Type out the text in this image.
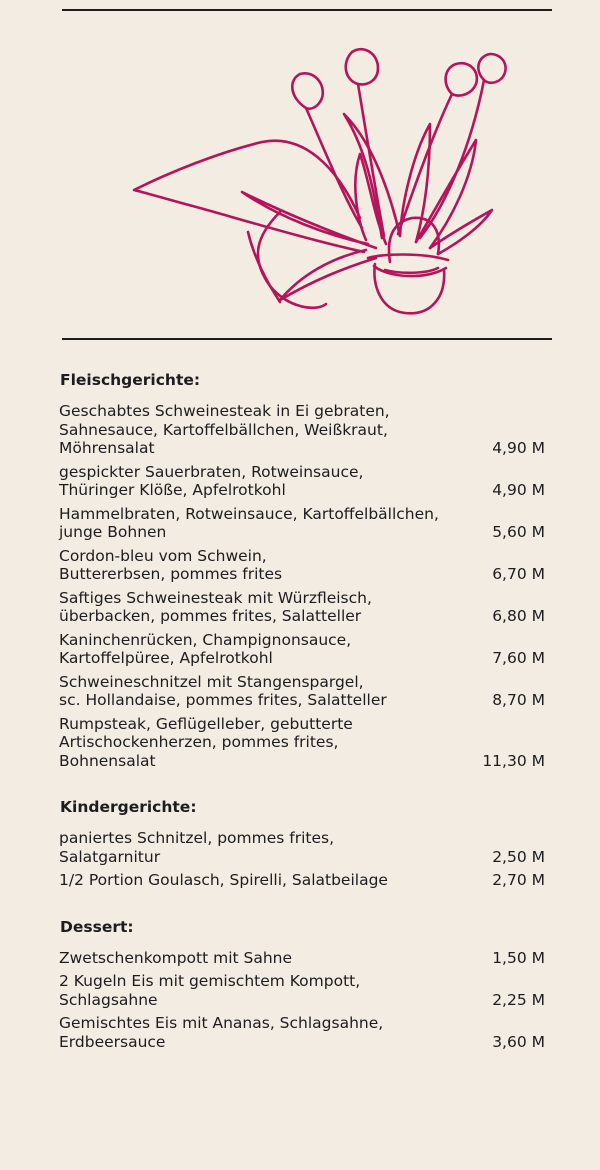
Fleischgerichte:
Geschabtes Schweinesteak in Ei gebraten,
Sahnesauce, Kartoffelbällchen, Weißkraut,
Möhrensalat	4,90 M
gespickter Sauerbraten, Rotweinsauce,
Thüringer Klöße, Apfelrotkohl	4,90 M
Hammelbraten, Rotweinsauce, Kartoffelbällchen,
junge Bohnen	5,60 M
Cordon-bleu vom Schwein,
Buttererbsen, pommes frites	6,70 M
Saftiges Schweinesteak mit Würzfleisch,
überbacken, pommes frites, Salatteller	6,80 M
Kaninchenrücken, Champignonsauce,
Kartoffelpüree, Apfelrotkohl	7,60 M
Schweineschnitzel mit Stangenspargel,
sc. Hollandaise, pommes frites, Salatteller	8,70 M
Rumpsteak, Geflügelleber, gebutterte
Artischockenherzen, pommes frites,
Bohnensalat	11,30 M
Kindergerichte:
paniertes Schnitzel, pommes frites,
Salatgarnitur	2,50 M
1/2 Portion Goulasch, Spirelli, Salatbeilage	2,70 M
Dessert:
Zwetschenkompott mit Sahne	1,50 M
2 Kugeln Eis mit gemischtem Kompott,
Schlagsahne	2,25 M
Gemischtes Eis mit Ananas, Schlagsahne,
Erdbeersauce	3,60 M
